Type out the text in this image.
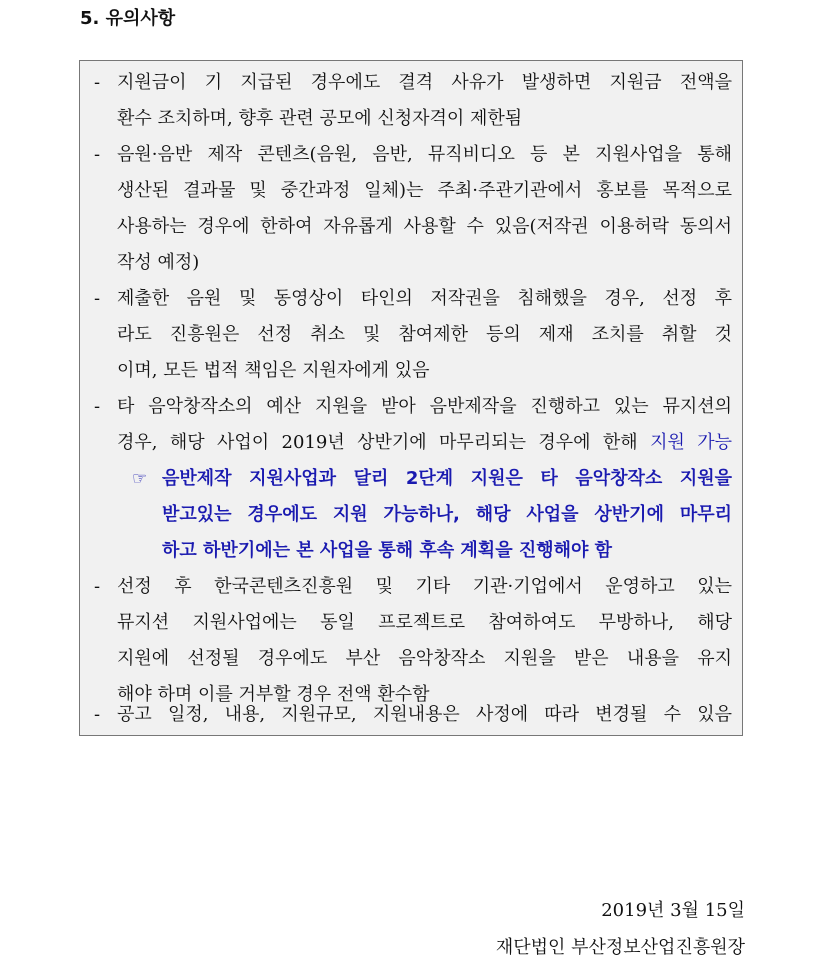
5. 유의사항
- 지원금이 기 지급된 경우에도 결격 사유가 발생하면 지원금 전액을
환수 조치하며, 향후 관련 공모에 신청자격이 제한됨
- 음원·음반 제작 콘텐츠(음원, 음반, 뮤직비디오 등 본 지원사업을 통해
생산된 결과물 및 중간과정 일체)는 주최·주관기관에서 홍보를 목적으로
사용하는 경우에 한하여 자유롭게 사용할 수 있음(저작권 이용허락 동의서
작성 예정)
- 제출한 음원 및 동영상이 타인의 저작권을 침해했을 경우, 선정 후
라도 진흥원은 선정 취소 및 참여제한 등의 제재 조치를 취할 것
이며, 모든 법적 책임은 지원자에게 있음
- 타 음악창작소의 예산 지원을 받아 음반제작을 진행하고 있는 뮤지션의
경우, 해당 사업이 2019년 상반기에 마무리되는 경우에 한해 지원 가능
☞ 음반제작 지원사업과 달리 2단계 지원은 타 음악창작소 지원을
받고있는 경우에도 지원 가능하나, 해당 사업을 상반기에 마무리
하고 하반기에는 본 사업을 통해 후속 계획을 진행해야 함
- 선정 후 한국콘텐츠진흥원 및 기타 기관·기업에서 운영하고 있는
뮤지션 지원사업에는 동일 프로젝트로 참여하여도 무방하나, 해당
지원에 선정될 경우에도 부산 음악창작소 지원을 받은 내용을 유지
해야 하며 이를 거부할 경우 전액 환수함
- 공고 일정, 내용, 지원규모, 지원내용은 사정에 따라 변경될 수 있음
2019년 3월 15일
재단법인 부산정보산업진흥원장
